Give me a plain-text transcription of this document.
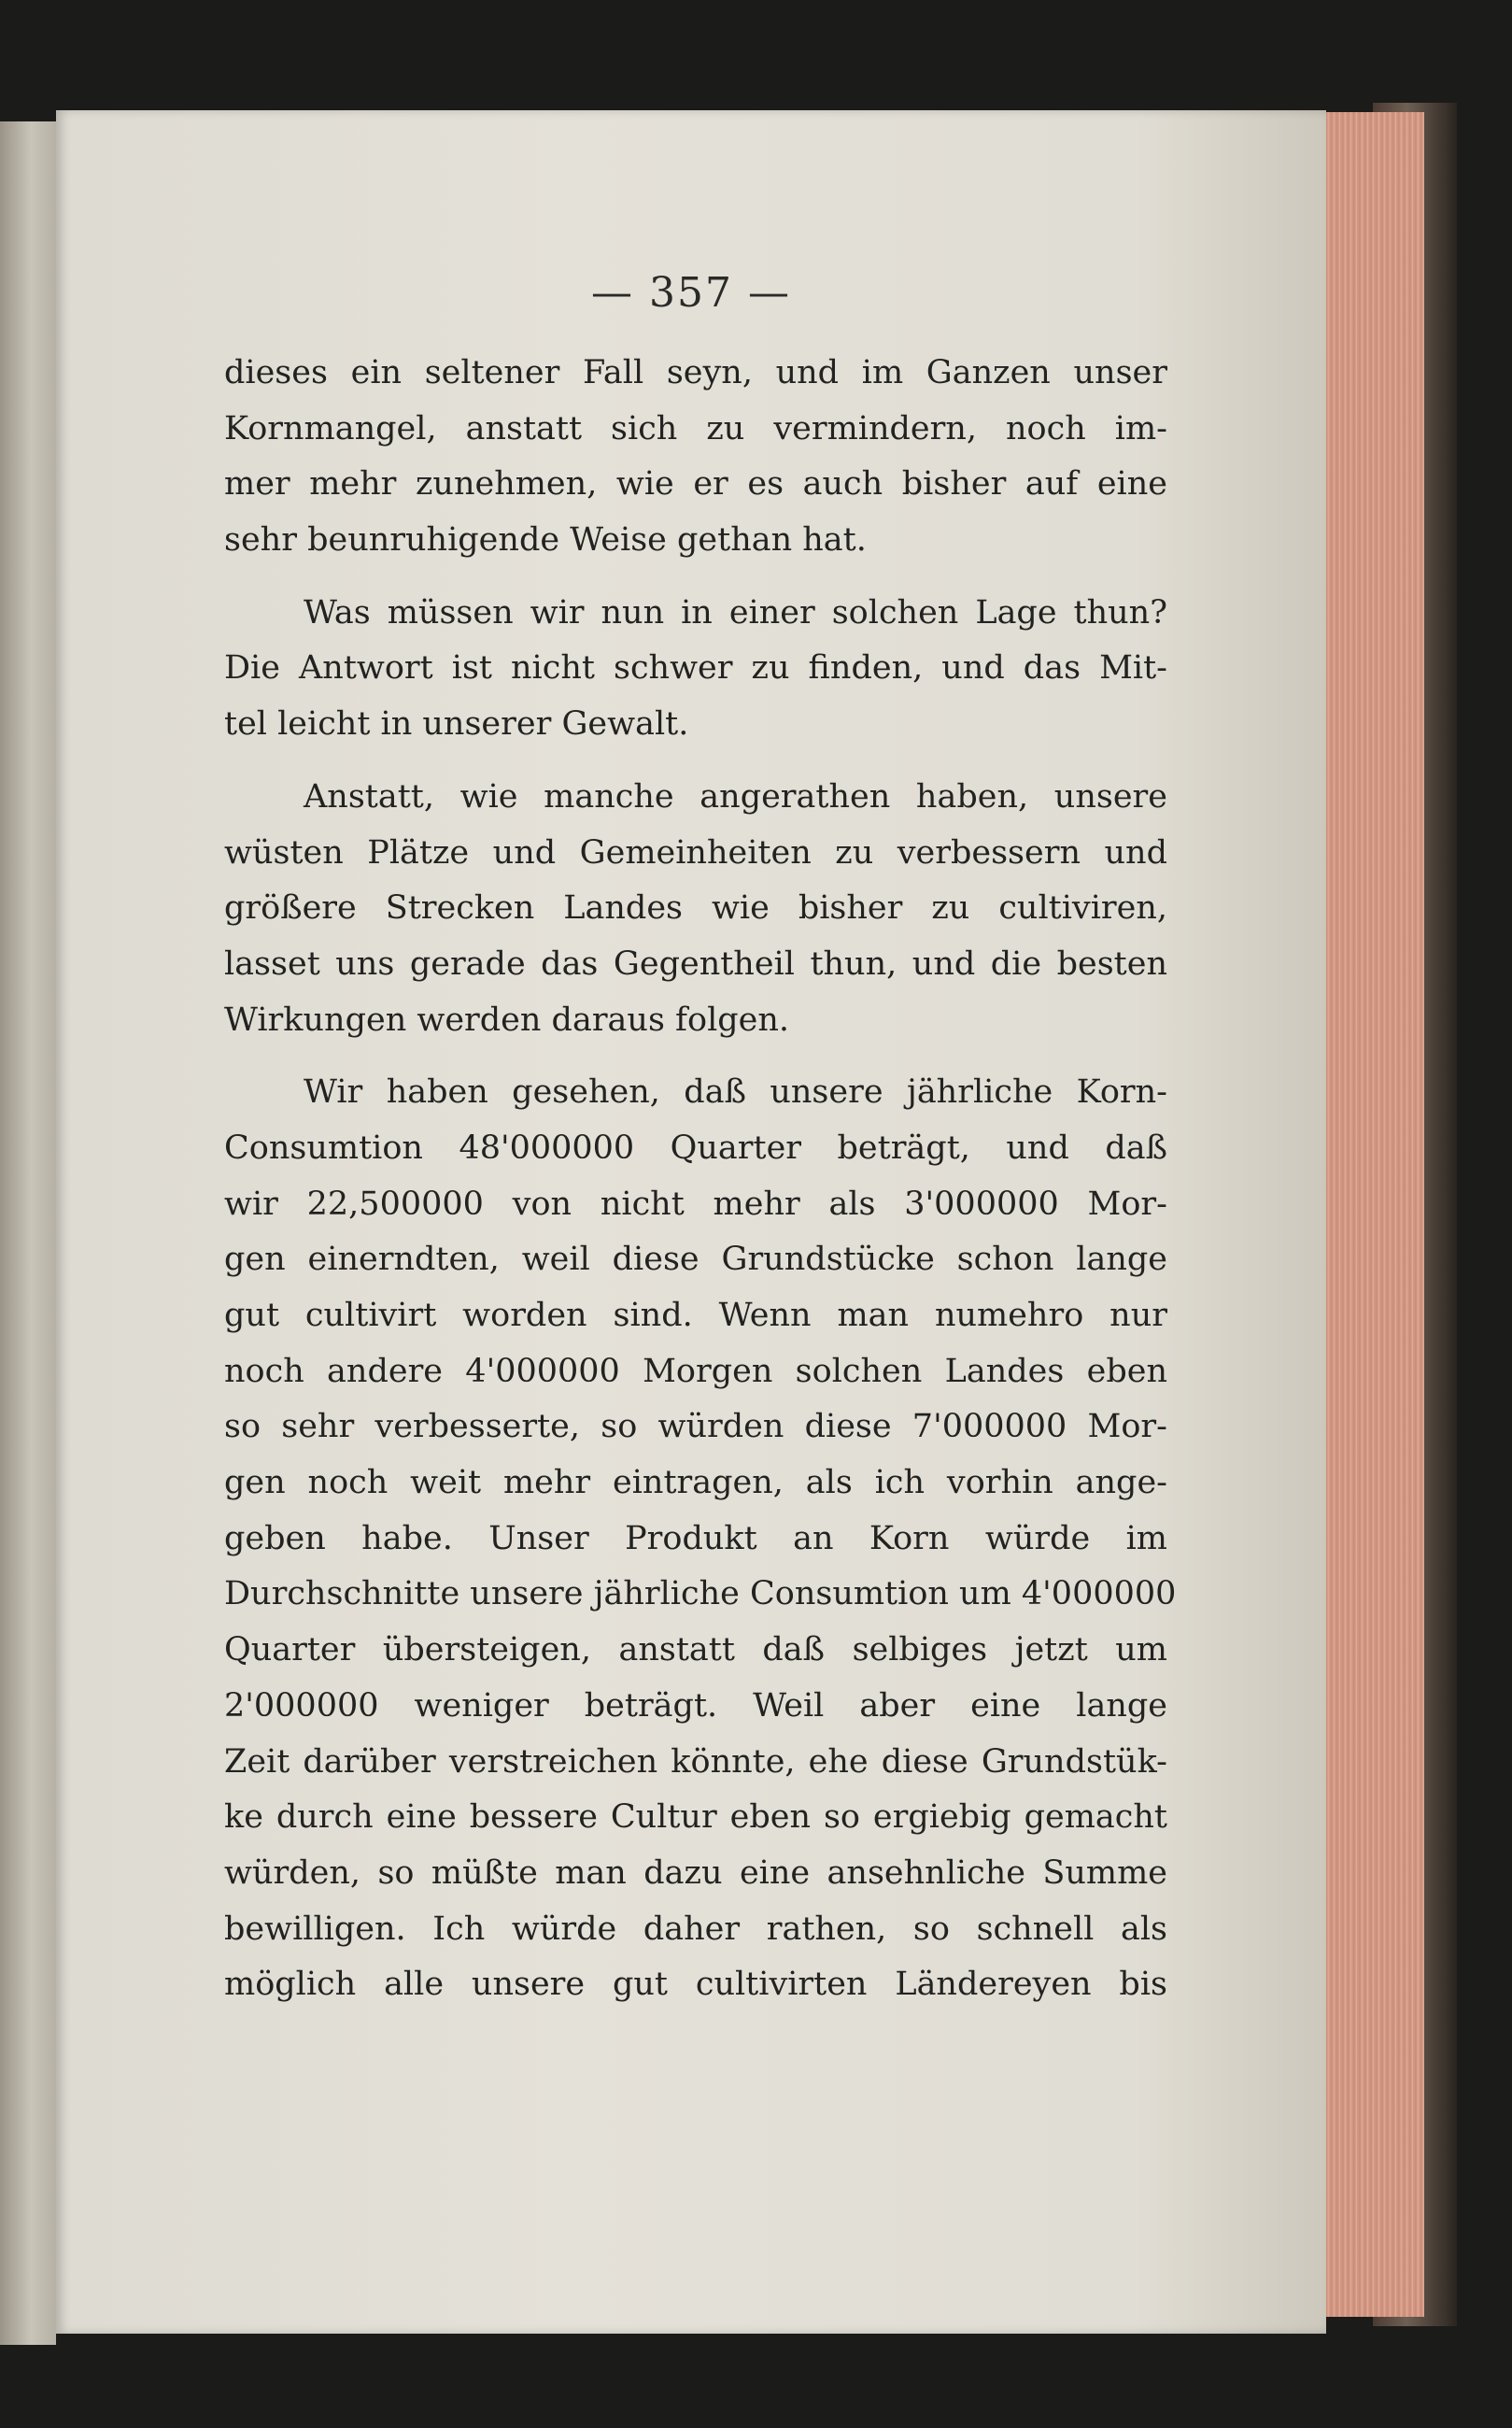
— 357 —
dieses ein seltener Fall seyn, und im Ganzen unser
Kornmangel, anstatt sich zu vermindern, noch im-
mer mehr zunehmen, wie er es auch bisher auf eine
sehr beunruhigende Weise gethan hat.
Was müssen wir nun in einer solchen Lage thun?
Die Antwort ist nicht schwer zu finden, und das Mit-
tel leicht in unserer Gewalt.
Anstatt, wie manche angerathen haben, unsere
wüsten Plätze und Gemeinheiten zu verbessern und
größere Strecken Landes wie bisher zu cultiviren,
lasset uns gerade das Gegentheil thun, und die besten
Wirkungen werden daraus folgen.
Wir haben gesehen, daß unsere jährliche Korn-
Consumtion 48'000000 Quarter beträgt, und daß
wir 22,500000 von nicht mehr als 3'000000 Mor-
gen einerndten, weil diese Grundstücke schon lange
gut cultivirt worden sind. Wenn man numehro nur
noch andere 4'000000 Morgen solchen Landes eben
so sehr verbesserte, so würden diese 7'000000 Mor-
gen noch weit mehr eintragen, als ich vorhin ange-
geben habe. Unser Produkt an Korn würde im
Durchschnitte unsere jährliche Consumtion um 4'000000
Quarter übersteigen, anstatt daß selbiges jetzt um
2'000000 weniger beträgt. Weil aber eine lange
Zeit darüber verstreichen könnte, ehe diese Grundstük-
ke durch eine bessere Cultur eben so ergiebig gemacht
würden, so müßte man dazu eine ansehnliche Summe
bewilligen. Ich würde daher rathen, so schnell als
möglich alle unsere gut cultivirten Ländereyen bis
